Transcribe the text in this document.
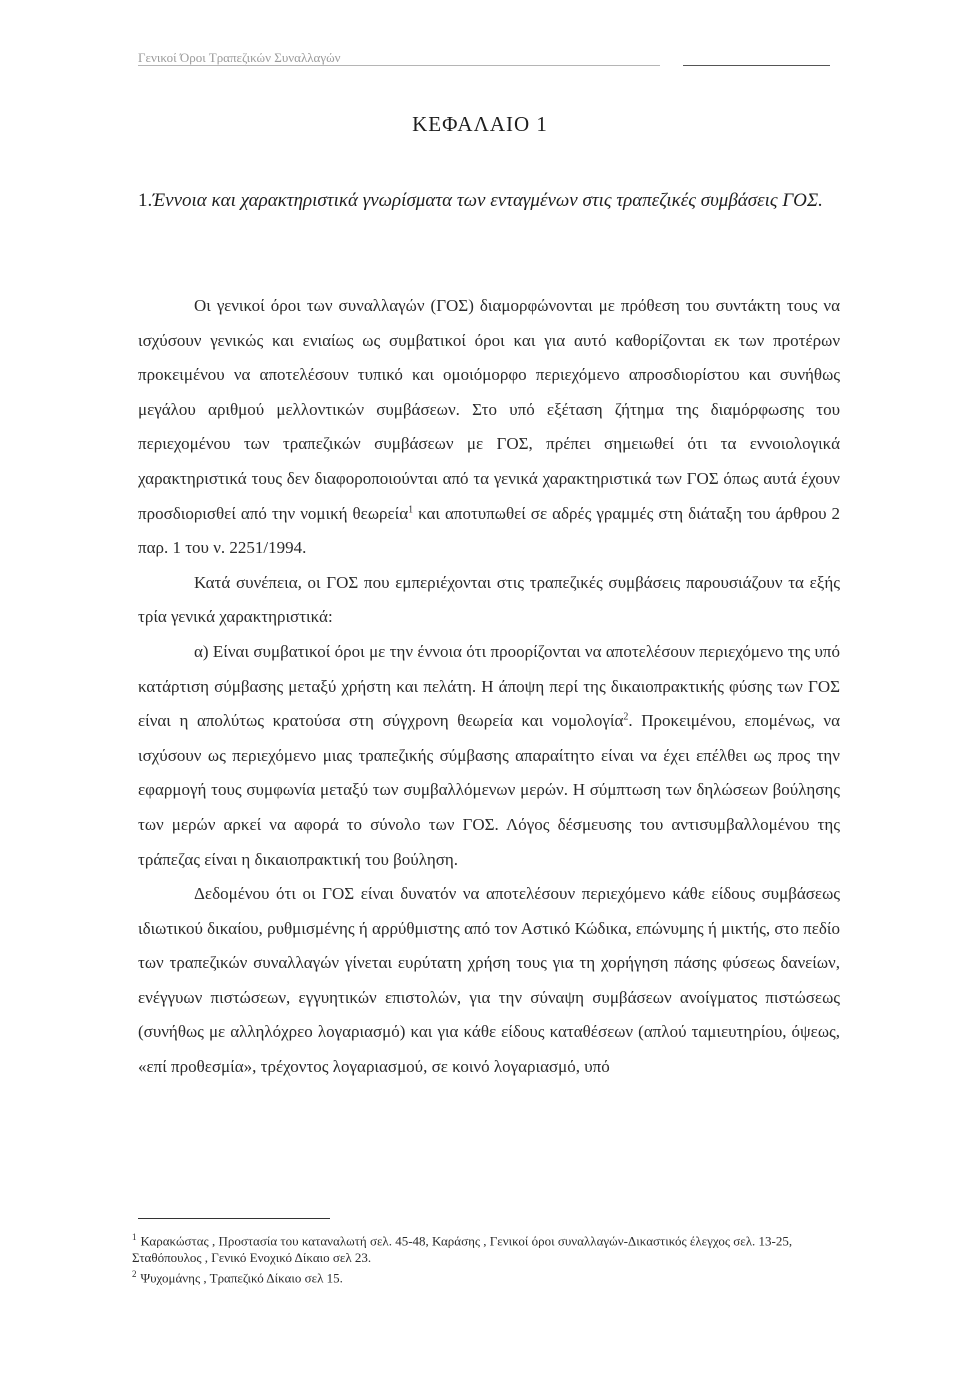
Γενικοί Όροι Τραπεζικών Συναλλαγών
ΚΕΦΑΛΑΙΟ 1
1.Έννοια και χαρακτηριστικά γνωρίσματα των ενταγμένων στις τραπεζικές συμβάσεις ΓΟΣ.

Οι γενικοί όροι των συναλλαγών (ΓΟΣ) διαμορφώνονται με πρόθεση του συντάκτη τους να ισχύσουν γενικώς και ενιαίως ως συμβατικοί όροι και για αυτό καθορίζονται εκ των προτέρων προκειμένου να αποτελέσουν τυπικό και ομοιόμορφο περιεχόμενο απροσδιορίστου και συνήθως μεγάλου αριθμού μελλοντικών συμβάσεων. Στο υπό εξέταση ζήτημα της διαμόρφωσης του περιεχομένου των τραπεζικών συμβάσεων με ΓΟΣ, πρέπει σημειωθεί ότι τα εννοιολογικά χαρακτηριστικά τους δεν διαφοροποιούνται από τα γενικά χαρακτηριστικά των ΓΟΣ όπως αυτά έχουν προσδιορισθεί από την νομική θεωρεία$^1$ και αποτυπωθεί σε αδρές γραμμές στη διάταξη του άρθρου 2 παρ. 1 του ν. 2251/1994.

Κατά συνέπεια, οι ΓΟΣ που εμπεριέχονται στις τραπεζικές συμβάσεις παρουσιάζουν τα εξής τρία γενικά χαρακτηριστικά:

α) Είναι συμβατικοί όροι με την έννοια ότι προορίζονται να αποτελέσουν περιεχόμενο της υπό κατάρτιση σύμβασης μεταξύ χρήστη και πελάτη. Η άποψη περί της δικαιοπρακτικής φύσης των ΓΟΣ είναι η απολύτως κρατούσα στη σύγχρονη θεωρεία και νομολογία$^2$. Προκειμένου, επομένως, να ισχύσουν ως περιεχόμενο μιας τραπεζικής σύμβασης απαραίτητο είναι να έχει επέλθει ως προς την εφαρμογή τους συμφωνία μεταξύ των συμβαλλόμενων μερών. Η σύμπτωση των δηλώσεων βούλησης των μερών αρκεί να αφορά το σύνολο των ΓΟΣ. Λόγος δέσμευσης του αντισυμβαλλομένου της τράπεζας είναι η δικαιοπρακτική του βούληση.

Δεδομένου ότι οι ΓΟΣ είναι δυνατόν να αποτελέσουν περιεχόμενο κάθε είδους συμβάσεως ιδιωτικού δικαίου, ρυθμισμένης ή αρρύθμιστης από τον Αστικό Κώδικα, επώνυμης ή μικτής, στο πεδίο των τραπεζικών συναλλαγών γίνεται ευρύτατη χρήση τους για τη χορήγηση πάσης φύσεως δανείων, ενέγγυων πιστώσεων, εγγυητικών επιστολών, για την σύναψη συμβάσεων ανοίγματος πιστώσεως (συνήθως με αλληλόχρεο λογαριασμό) και για κάθε είδους καταθέσεων (απλού ταμιευτηρίου, όψεως, «επί προθεσμία», τρέχοντος λογαριασμού, σε κοινό λογαριασμό, υπό

$^1$ Καρακώστας , Προστασία του καταναλωτή σελ. 45-48, Καράσης , Γενικοί όροι συναλλαγών-Δικαστικός έλεγχος σελ. 13-25, Σταθόπουλος , Γενικό Ενοχικό Δίκαιο σελ 23.
$^2$ Ψυχομάνης , Τραπεζικό Δίκαιο σελ 15.
